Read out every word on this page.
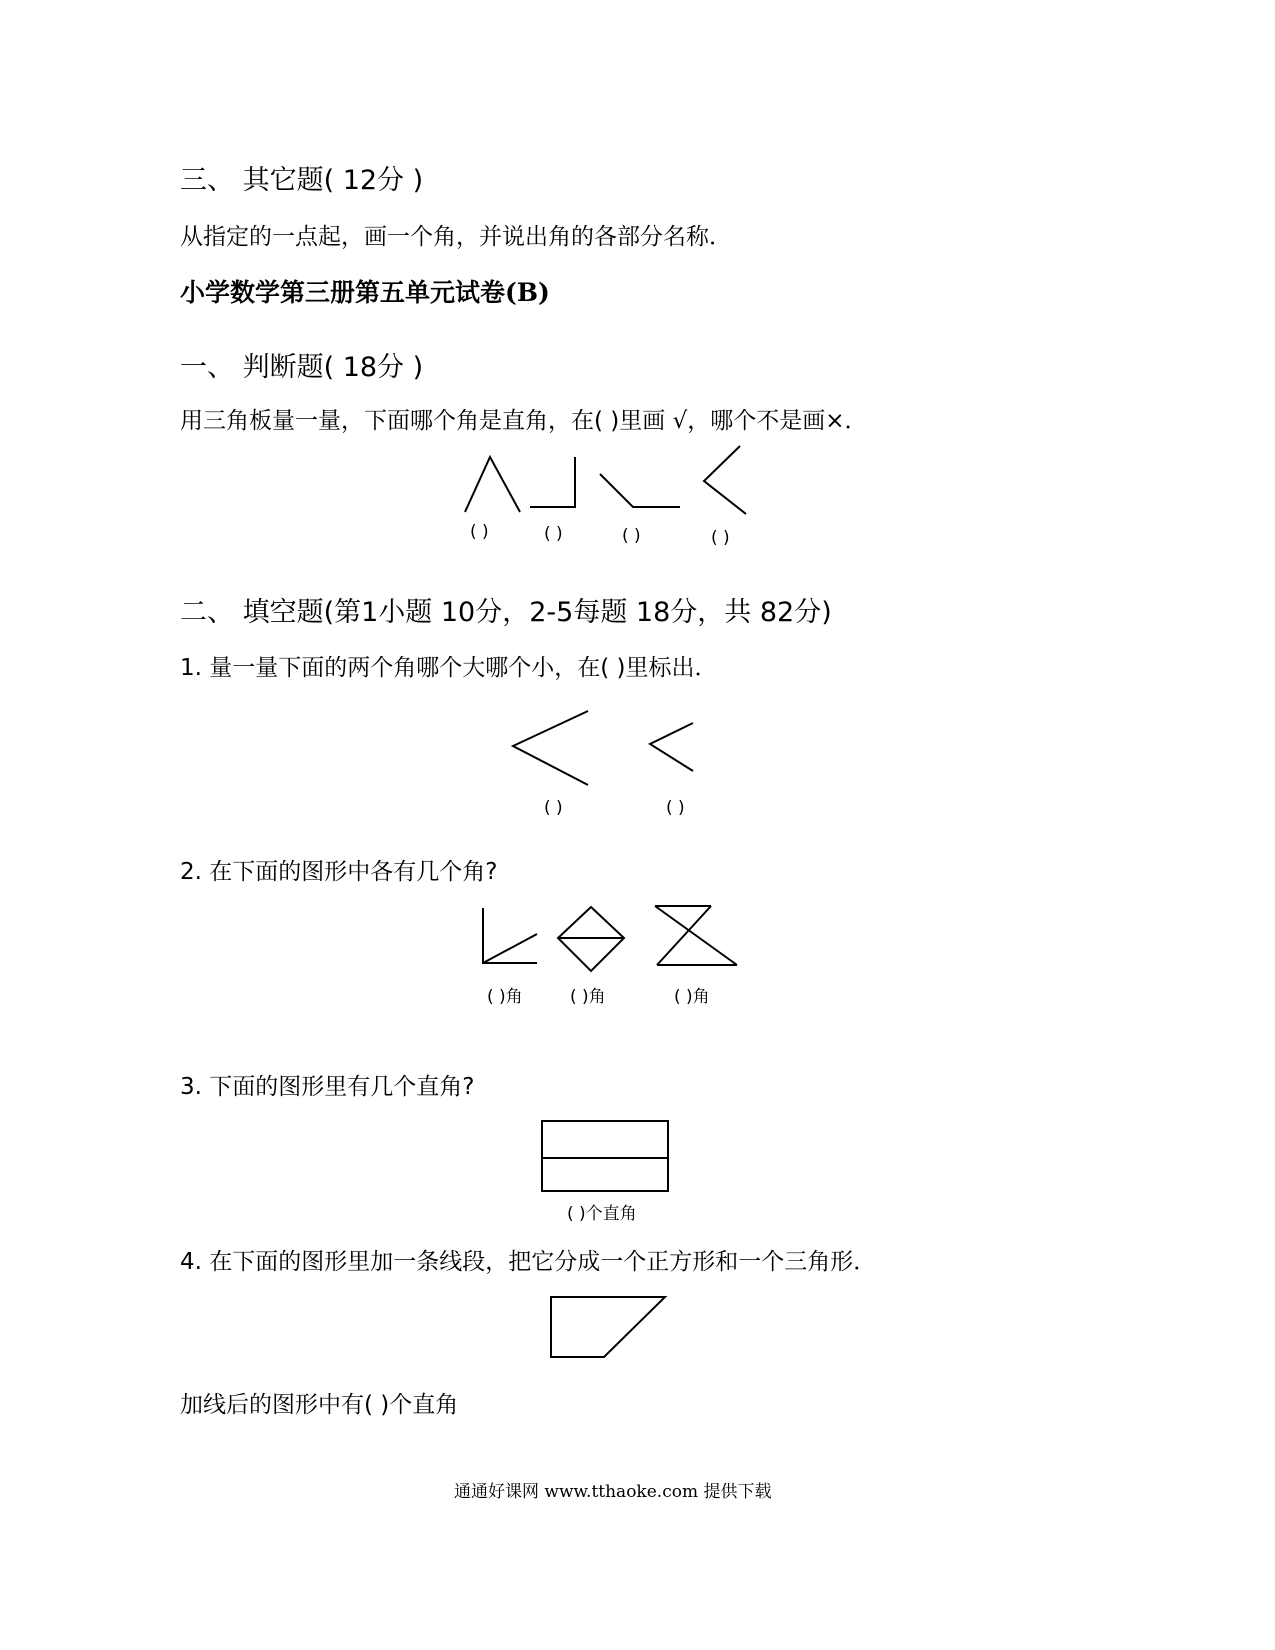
三、 其它题( 12分 )

从指定的一点起，画一个角，并说出角的各部分名称．

小学数学第三册第五单元试卷(B)

一、 判断题( 18分 )

用三角板量一量，下面哪个角是直角，在( )里画 √，哪个不是画×．

( )	( )	( )	( )

二、 填空题(第1小题 10分，2-5每题 18分，共 82分)

1. 量一量下面的两个角哪个大哪个小，在( )里标出．

( )	( )

2. 在下面的图形中各有几个角?

( )角	( )角	( )角

3. 下面的图形里有几个直角?

( )个直角

4. 在下面的图形里加一条线段，把它分成一个正方形和一个三角形．

加线后的图形中有( )个直角

通通好课网 www.tthaoke.com 提供下载
